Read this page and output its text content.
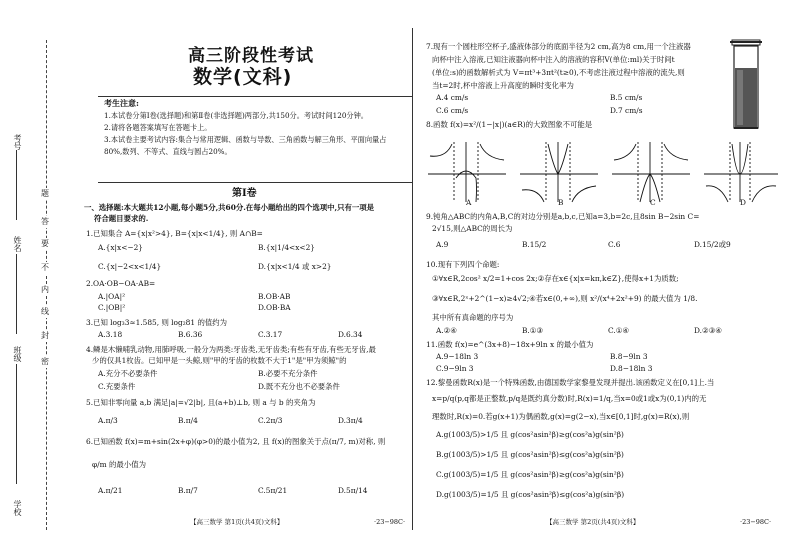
考号
姓名
班级
学校
题
答
要
不
内
线
封
密
高三阶段性考试
数学(文科)
考生注意:
1.本试卷分第Ⅰ卷(选择题)和第Ⅱ卷(非选择题)两部分,共150分。考试时间120分钟。
2.请将各题答案填写在答题卡上。
3.本试卷主要考试内容:集合与常用逻辑、函数与导数、三角函数与解三角形、平面向量占
80%,数列、不等式、直线与圆占20%。
第Ⅰ卷
一、选择题:本大题共12小题,每小题5分,共60分.在每小题给出的四个选项中,只有一项是
符合题目要求的.
1.已知集合 A={x|x²>4}, B={x|x<1/4}, 则 A∩B=
A.{x|x<−2}	B.{x|1/4<x<2}
C.{x|−2<x<1/4}	D.{x|x<1/4 或 x>2}
2.OA·OB−OA·AB=
A.|OA|²	B.OB·AB
C.|OB|²	D.OB·BA
3.已知 log₃3≈1.585, 则 log₂81 的值约为
A.3.18	B.6.36	C.3.17	D.6.34
4.鳞是木懒哺乳动物,用肺呼吸,一般分为两类:牙齿类,无牙齿类;有些有牙齿,有些无牙齿,最
少的仅具1枚齿。已知甲是一头鲸,则"甲的牙齿的枚数不大于1"是"甲为须鲸"的
A.充分不必要条件	B.必要不充分条件
C.充要条件	D.既不充分也不必要条件
5.已知非零向量 a,b 满足|a|=√2|b|, 且(a+b)⊥b, 则 a 与 b 的夹角为
A.π/3	B.π/4	C.2π/3	D.3π/4
6.已知函数 f(x)=m+sin(2x+φ)(φ>0)的最小值为2, 且 f(x)的图象关于点(π/7, m)对称, 则
φ/m 的最小值为
A.π/21	B.π/7	C.5π/21	D.5π/14
【高三数学 第1页(共4页)文科】	·23−98C·
7.现有一个圆柱形空杯子,盛液体部分的底面半径为2 cm,高为8 cm,用一个注液器
向杯中注入溶液,已知注液器向杯中注入的溶液的容积V(单位:ml)关于时间t
(单位:s)的函数解析式为 V=πt³+3πt²(t≥0),不考虑注液过程中溶液的流失,则
当t=2时,杯中溶液上升高度的瞬时变化率为
A.4 cm/s	B.5 cm/s
C.6 cm/s	D.7 cm/s
8.函数 f(x)=x²/(1−|x|)(a∈R)的大致图象不可能是
A	B	C	D
9.钝角△ABC的内角A,B,C的对边分别是a,b,c,已知a=3,b=2c,且8sin B−2sin C=
2√15,则△ABC的周长为
A.9	B.15/2	C.6	D.15/2或9
10.现有下列四个命题:
①∀x∈R,2cos² x/2=1+cos 2x;②存在x∈{x|x=kπ,k∈Z},使得x+1为质数;
③∀x∈R,2ˣ+2^(1−x)≥4√2;④若x∈(0,+∞),则 x²/(x⁴+2x²+9) 的最大值为 1/8.
其中所有真命题的序号为
A.②④	B.①③	C.①④	D.②③④
11.函数 f(x)=e^(3x+8)−18x+9ln x 的最小值为
A.9−18ln 3	B.8−9ln 3
C.9−9ln 3	D.8−18ln 3
12.黎曼函数R(x)是一个特殊函数,由德国数学家黎曼发现并提出.该函数定义在[0,1]上.当
x=p/q(p,q都是正整数,p/q是既约真分数)时,R(x)=1/q,当x=0或1或x为(0,1)内的无
理数时,R(x)=0.若g(x+1)为偶函数,g(x)=g(2−x),当x∈[0,1]时,g(x)=R(x),则
A.g(1003/5)>1/5 且 g(cos²asin²β)≥g(cos²a)g(sin²β)
B.g(1003/5)>1/5 且 g(cos²asin²β)≤g(cos²a)g(sin²β)
C.g(1003/5)=1/5 且 g(cos²asin²β)≥g(cos²a)g(sin²β)
D.g(1003/5)=1/5 且 g(cos²asin²β)≤g(cos²a)g(sin²β)
【高三数学 第2页(共4页)文科】	·23−98C·
